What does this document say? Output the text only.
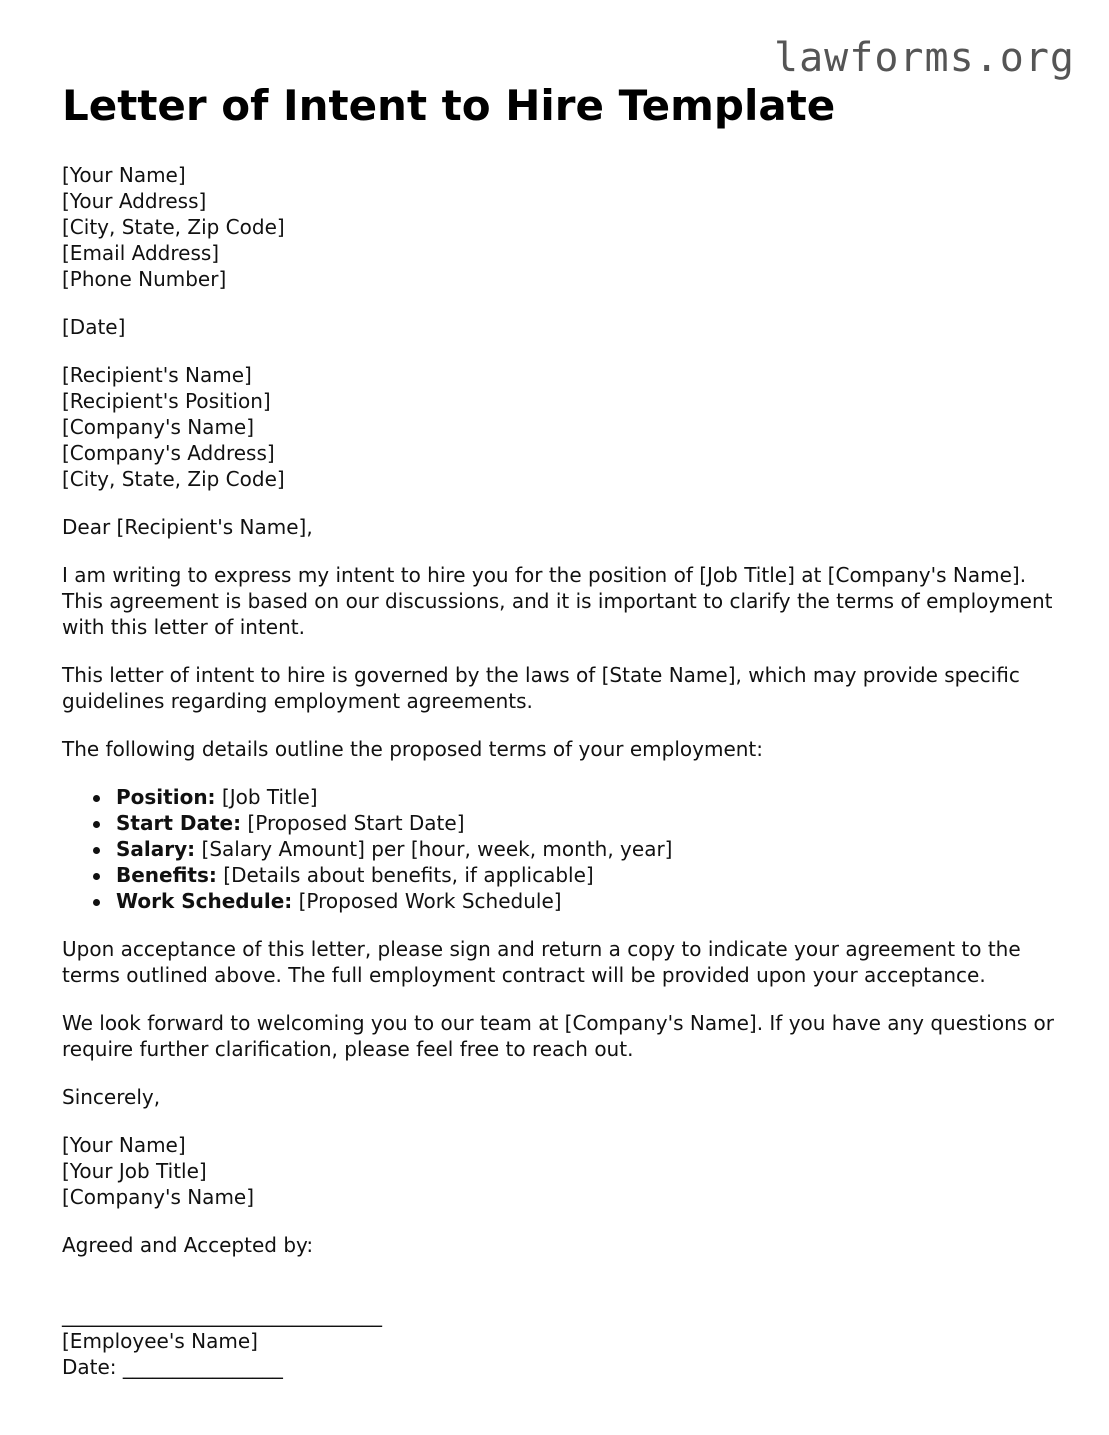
lawforms.org
Letter of Intent to Hire Template
[Your Name]
[Your Address]
[City, State, Zip Code]
[Email Address]
[Phone Number]

[Date]

[Recipient's Name]
[Recipient's Position]
[Company's Name]
[Company's Address]
[City, State, Zip Code]

Dear [Recipient's Name],

I am writing to express my intent to hire you for the position of [Job Title] at [Company's Name]. This agreement is based on our discussions, and it is important to clarify the terms of employment with this letter of intent.

This letter of intent to hire is governed by the laws of [State Name], which may provide specific guidelines regarding employment agreements.

The following details outline the proposed terms of your employment:

Position: [Job Title]
Start Date: [Proposed Start Date]
Salary: [Salary Amount] per [hour, week, month, year]
Benefits: [Details about benefits, if applicable]
Work Schedule: [Proposed Work Schedule]

Upon acceptance of this letter, please sign and return a copy to indicate your agreement to the terms outlined above. The full employment contract will be provided upon your acceptance.

We look forward to welcoming you to our team at [Company's Name]. If you have any questions or require further clarification, please feel free to reach out.

Sincerely,

[Your Name]
[Your Job Title]
[Company's Name]

Agreed and Accepted by:

________________________________
[Employee's Name]
Date: ________________
